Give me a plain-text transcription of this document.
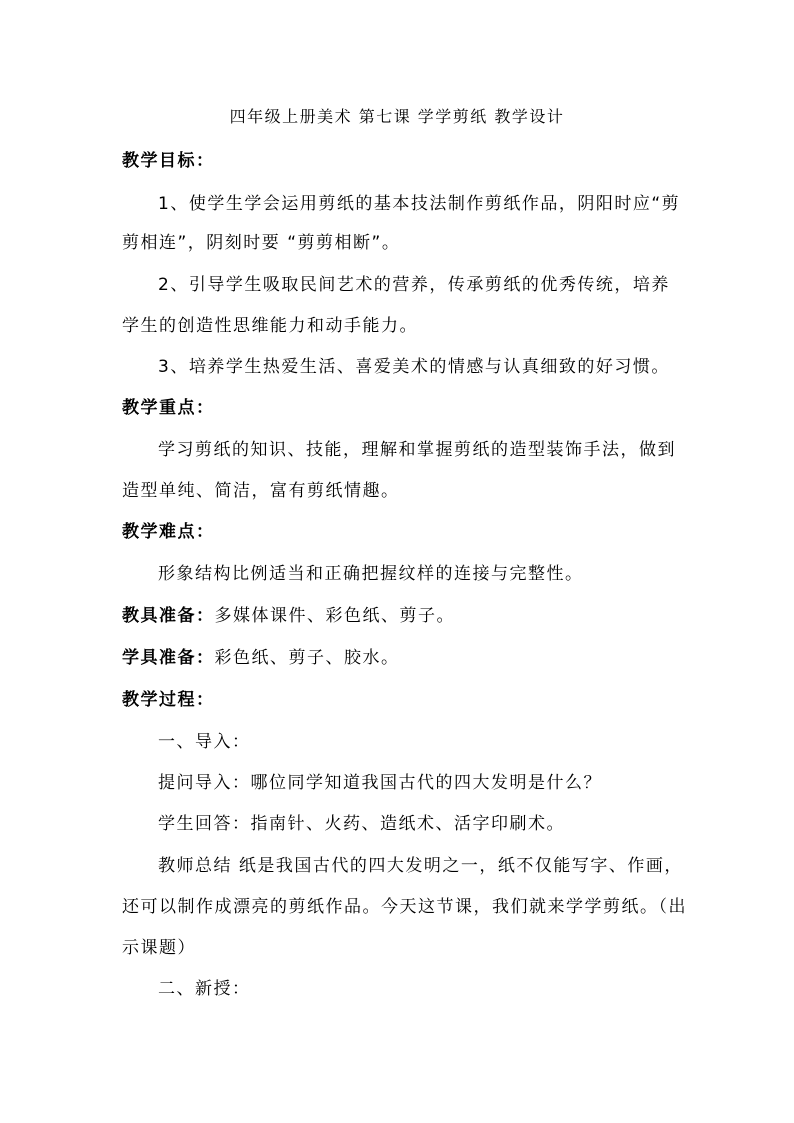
四年级上册美术 第七课 学学剪纸 教学设计
教学目标：
1、使学生学会运用剪纸的基本技法制作剪纸作品，阴阳时应“剪
剪相连”，阴刻时要 “剪剪相断”。
2、引导学生吸取民间艺术的营养，传承剪纸的优秀传统，培养
学生的创造性思维能力和动手能力。
3、培养学生热爱生活、喜爱美术的情感与认真细致的好习惯。
教学重点：
学习剪纸的知识、技能，理解和掌握剪纸的造型装饰手法，做到
造型单纯、简洁，富有剪纸情趣。
教学难点：
形象结构比例适当和正确把握纹样的连接与完整性。
教具准备：多媒体课件、彩色纸、剪子。
学具准备：彩色纸、剪子、胶水。
教学过程：
一、导入：
提问导入：哪位同学知道我国古代的四大发明是什么？
学生回答：指南针、火药、造纸术、活字印刷术。
教师总结 纸是我国古代的四大发明之一，纸不仅能写字、作画，
还可以制作成漂亮的剪纸作品。今天这节课，我们就来学学剪纸。（出
示课题）
二、新授：
